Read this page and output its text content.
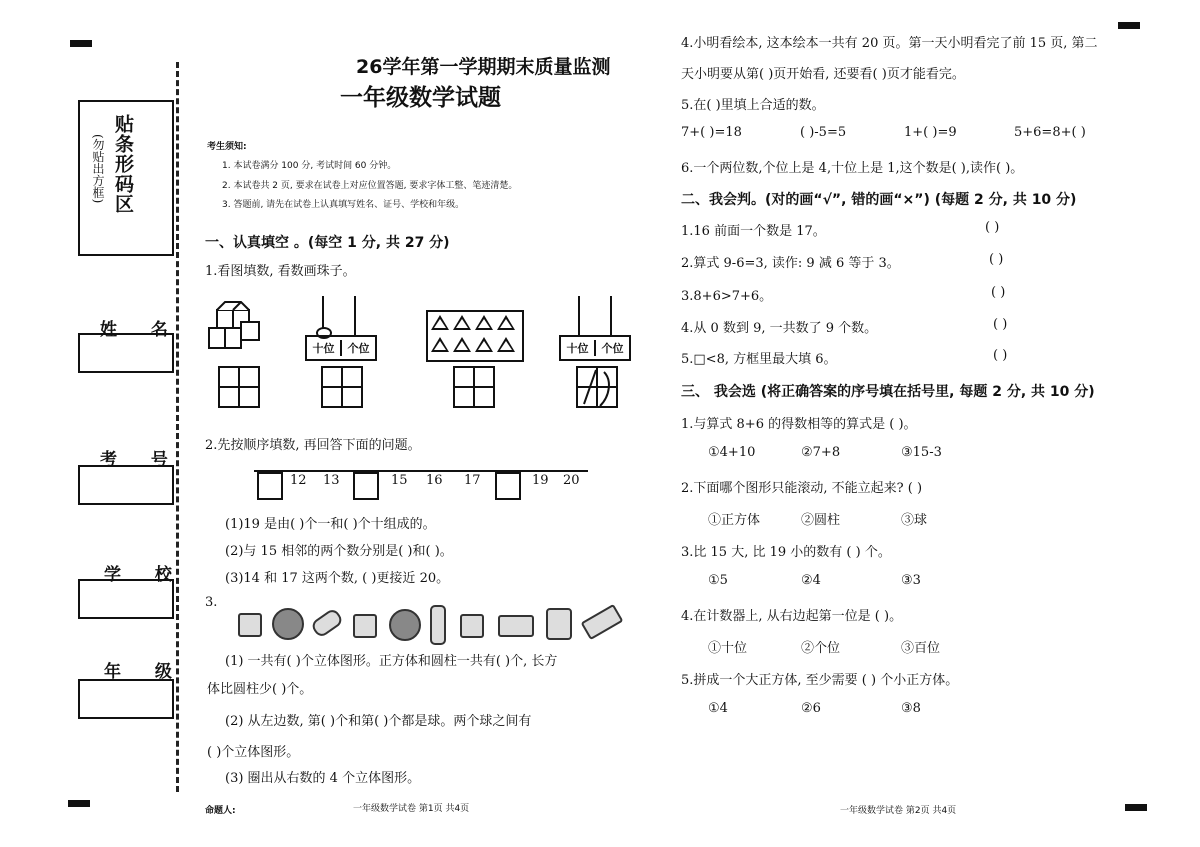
贴条形码区
(勿贴出方框)
姓 名
考 号
学 校
年 级
26学年第一学期期末质量监测
一年级数学试题
考生须知:
1. 本试卷满分 100 分, 考试时间 60 分钟。
2. 本试卷共 2 页, 要求在试卷上对应位置答题, 要求字体工整、笔迹清楚。
3. 答题前, 请先在试卷上认真填写姓名、证号、学校和年级。
一、认真填空 。(每空 1 分, 共 27 分)
1.看图填数, 看数画珠子。
十位	个位	十位	个位
2.先按顺序填数, 再回答下面的问题。
12 13	15 16 17	19 20
(1)19 是由( )个一和( )个十组成的。
(2)与 15 相邻的两个数分别是( )和( )。
(3)14 和 17 这两个数, ( )更接近 20。
3.
(1) 一共有( )个立体图形。正方体和圆柱一共有( )个, 长方
体比圆柱少( )个。
(2) 从左边数, 第( )个和第( )个都是球。两个球之间有
( )个立体图形。
(3) 圈出从右数的 4 个立体图形。
命题人:	一年级数学试卷 第1页 共4页
4.小明看绘本, 这本绘本一共有 20 页。第一天小明看完了前 15 页, 第二
天小明要从第( )页开始看, 还要看( )页才能看完。
5.在( )里填上合适的数。
7+( )=18	( )-5=5	1+( )=9	5+6=8+( )
6.一个两位数,个位上是 4,十位上是 1,这个数是( ),读作( )。
二、我会判。(对的画“√”, 错的画“×”) (每题 2 分, 共 10 分)
1.16 前面一个数是 17。	( )
2.算式 9-6=3, 读作: 9 减 6 等于 3。	( )
3.8+6>7+6。	( )
4.从 0 数到 9, 一共数了 9 个数。	( )
5.□<8, 方框里最大填 6。	( )
三、 我会选 (将正确答案的序号填在括号里, 每题 2 分, 共 10 分)
1.与算式 8+6 的得数相等的算式是 ( )。
①4+10	②7+8	③15-3
2.下面哪个图形只能滚动, 不能立起来? ( )
①正方体	②圆柱	③球
3.比 15 大, 比 19 小的数有 ( ) 个。
①5	②4	③3
4.在计数器上, 从右边起第一位是 ( )。
①十位	②个位	③百位
5.拼成一个大正方体, 至少需要 ( ) 个小正方体。
①4	②6	③8
一年级数学试卷 第2页 共4页
